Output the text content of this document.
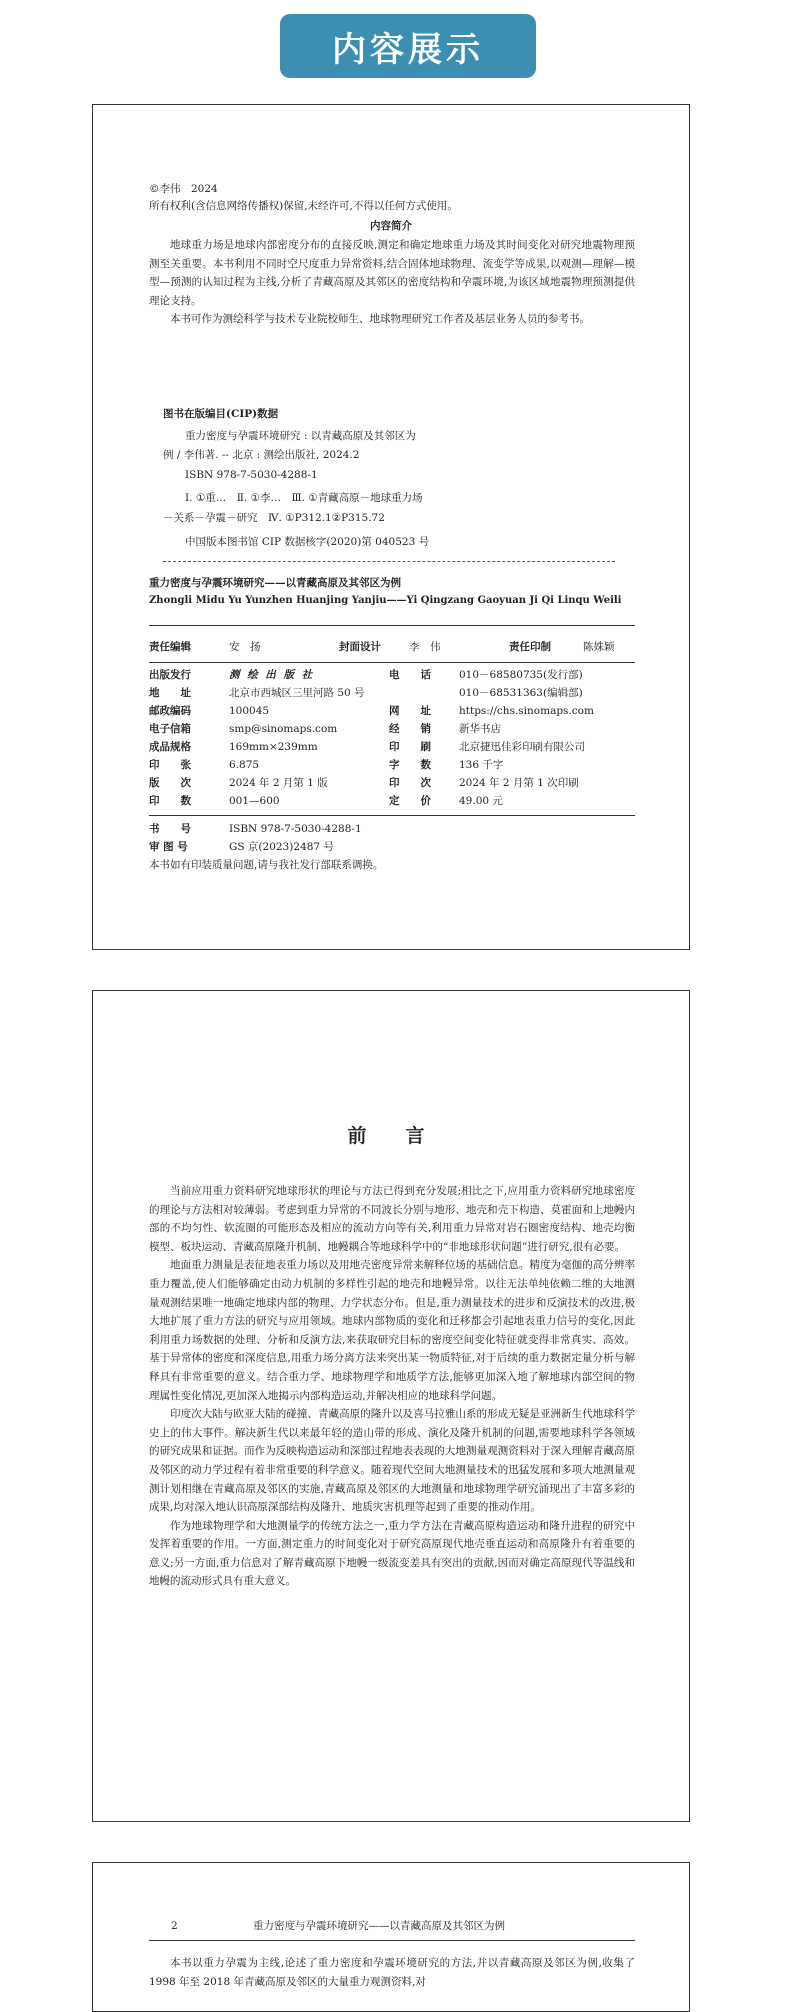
内容展示
©李伟　2024
所有权利(含信息网络传播权)保留,未经许可,不得以任何方式使用。
内容简介

地球重力场是地球内部密度分布的直接反映,测定和确定地球重力场及其时间变化对研究地震物理预测至关重要。本书利用不同时空尺度重力异常资料,结合固体地球物理、流变学等成果,以观测—理解—模型—预测的认知过程为主线,分析了青藏高原及其邻区的密度结构和孕震环境,为该区域地震物理预测提供理论支持。

本书可作为测绘科学与技术专业院校师生、地球物理研究工作者及基层业务人员的参考书。

图书在版编目(CIP)数据
重力密度与孕震环境研究 : 以青藏高原及其邻区为
例 / 李伟著. -- 北京 : 测绘出版社, 2024.2
ISBN 978-7-5030-4288-1
Ⅰ. ①重…　Ⅱ. ①李…　Ⅲ. ①青藏高原－地球重力场
－关系－孕震－研究　Ⅳ. ①P312.1②P315.72
中国版本图书馆 CIP 数据核字(2020)第 040523 号
重力密度与孕震环境研究——以青藏高原及其邻区为例
Zhongli Midu Yu Yunzhen Huanjing Yanjiu——Yi Qingzang Gaoyuan Ji Qi Linqu Weili
责任编辑	安　扬	封面设计	李　伟	责任印制	陈姝颖
出版发行	测 绘 出 版 社	电　　话	010－68580735(发行部)
010－68531363(编辑部)
地　　址	北京市西城区三里河路 50 号
邮政编码	100045	网　　址	https://chs.sinomaps.com
电子信箱	smp@sinomaps.com	经　　销	新华书店
成品规格	169mm×239mm	印　　刷	北京捷迅佳彩印刷有限公司
印　　张	6.875	字　　数	136 千字
版　　次	2024 年 2 月第 1 版	印　　次	2024 年 2 月第 1 次印刷
印　　数	001—600	定　　价	49.00 元
书　　号	ISBN 978-7-5030-4288-1
审 图 号	GS 京(2023)2487 号
本书如有印装质量问题,请与我社发行部联系调换。
前　言

当前应用重力资料研究地球形状的理论与方法已得到充分发展;相比之下,应用重力资料研究地球密度的理论与方法相对较薄弱。考虑到重力异常的不同波长分别与地形、地壳和壳下构造、莫霍面和上地幔内部的不均匀性、软流圈的可能形态及相应的流动方向等有关,利用重力异常对岩石圈密度结构、地壳均衡模型、板块运动、青藏高原隆升机制、地幔耦合等地球科学中的“非地球形状问题”进行研究,很有必要。

地面重力测量是表征地表重力场以及用地壳密度异常来解释位场的基础信息。精度为毫伽的高分辨率重力覆盖,使人们能够确定由动力机制的多样性引起的地壳和地幔异常。以往无法单纯依赖二维的大地测量观测结果唯一地确定地球内部的物理、力学状态分布。但是,重力测量技术的进步和反演技术的改进,极大地扩展了重力方法的研究与应用领域。地球内部物质的变化和迁移都会引起地表重力信号的变化,因此利用重力场数据的处理、分析和反演方法,来获取研究目标的密度空间变化特征就变得非常真实、高效。基于异常体的密度和深度信息,用重力场分离方法来突出某一物质特征,对于后续的重力数据定量分析与解释具有非常重要的意义。结合重力学、地球物理学和地质学方法,能够更加深入地了解地球内部空间的物理属性变化情况,更加深入地揭示内部构造运动,并解决相应的地球科学问题。

印度次大陆与欧亚大陆的碰撞、青藏高原的隆升以及喜马拉雅山系的形成无疑是亚洲新生代地球科学史上的伟大事件。解决新生代以来最年轻的造山带的形成、演化及隆升机制的问题,需要地球科学各领域的研究成果和证据。而作为反映构造运动和深部过程地表表现的大地测量观测资料对于深入理解青藏高原及邻区的动力学过程有着非常重要的科学意义。随着现代空间大地测量技术的迅猛发展和多项大地测量观测计划相继在青藏高原及邻区的实施,青藏高原及邻区的大地测量和地球物理学研究涌现出了丰富多彩的成果,均对深入地认识高原深部结构及隆升、地质灾害机理等起到了重要的推动作用。

作为地球物理学和大地测量学的传统方法之一,重力学方法在青藏高原构造运动和隆升进程的研究中发挥着重要的作用。一方面,测定重力的时间变化对于研究高原现代地壳垂直运动和高原隆升有着重要的意义;另一方面,重力信息对了解青藏高原下地幔一级流变差具有突出的贡献,因而对确定高原现代等温线和地幔的流动形式具有重大意义。

2	重力密度与孕震环境研究——以青藏高原及其邻区为例

本书以重力孕震为主线,论述了重力密度和孕震环境研究的方法,并以青藏高原及邻区为例,收集了 1998 年至 2018 年青藏高原及邻区的大量重力观测资料,对
